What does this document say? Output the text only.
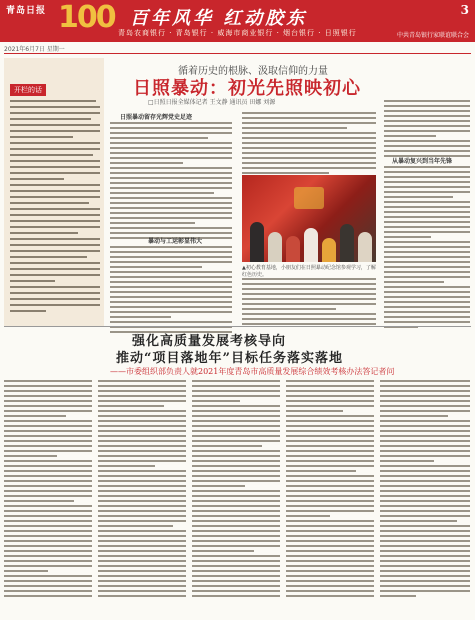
青岛日报 100 百年风华 红动胶东	3
青岛农商银行 · 青岛银行 · 威海市商业银行 · 烟台银行 · 日照银行	中共青岛银行家联谊联合会
2021年6月7日 星期一
开栏的话
循着历史的根脉、汲取信仰的力量
日照暴动：初光先照映初心
□日照日报全媒体记者 王文静 通讯员 田娜 刘源
日照暴动留存光辉党史足迹
暴动与工运彰显伟大
▲初心教育基地，小朋友们在日照暴动纪念馆参观学习，了解红色历史。
从暴动复兴到当年先锋
强化高质量发展考核导向
推动“项目落地年”目标任务落实落地
——市委组织部负责人就2021年度青岛市高质量发展综合绩效考核办法答记者问
